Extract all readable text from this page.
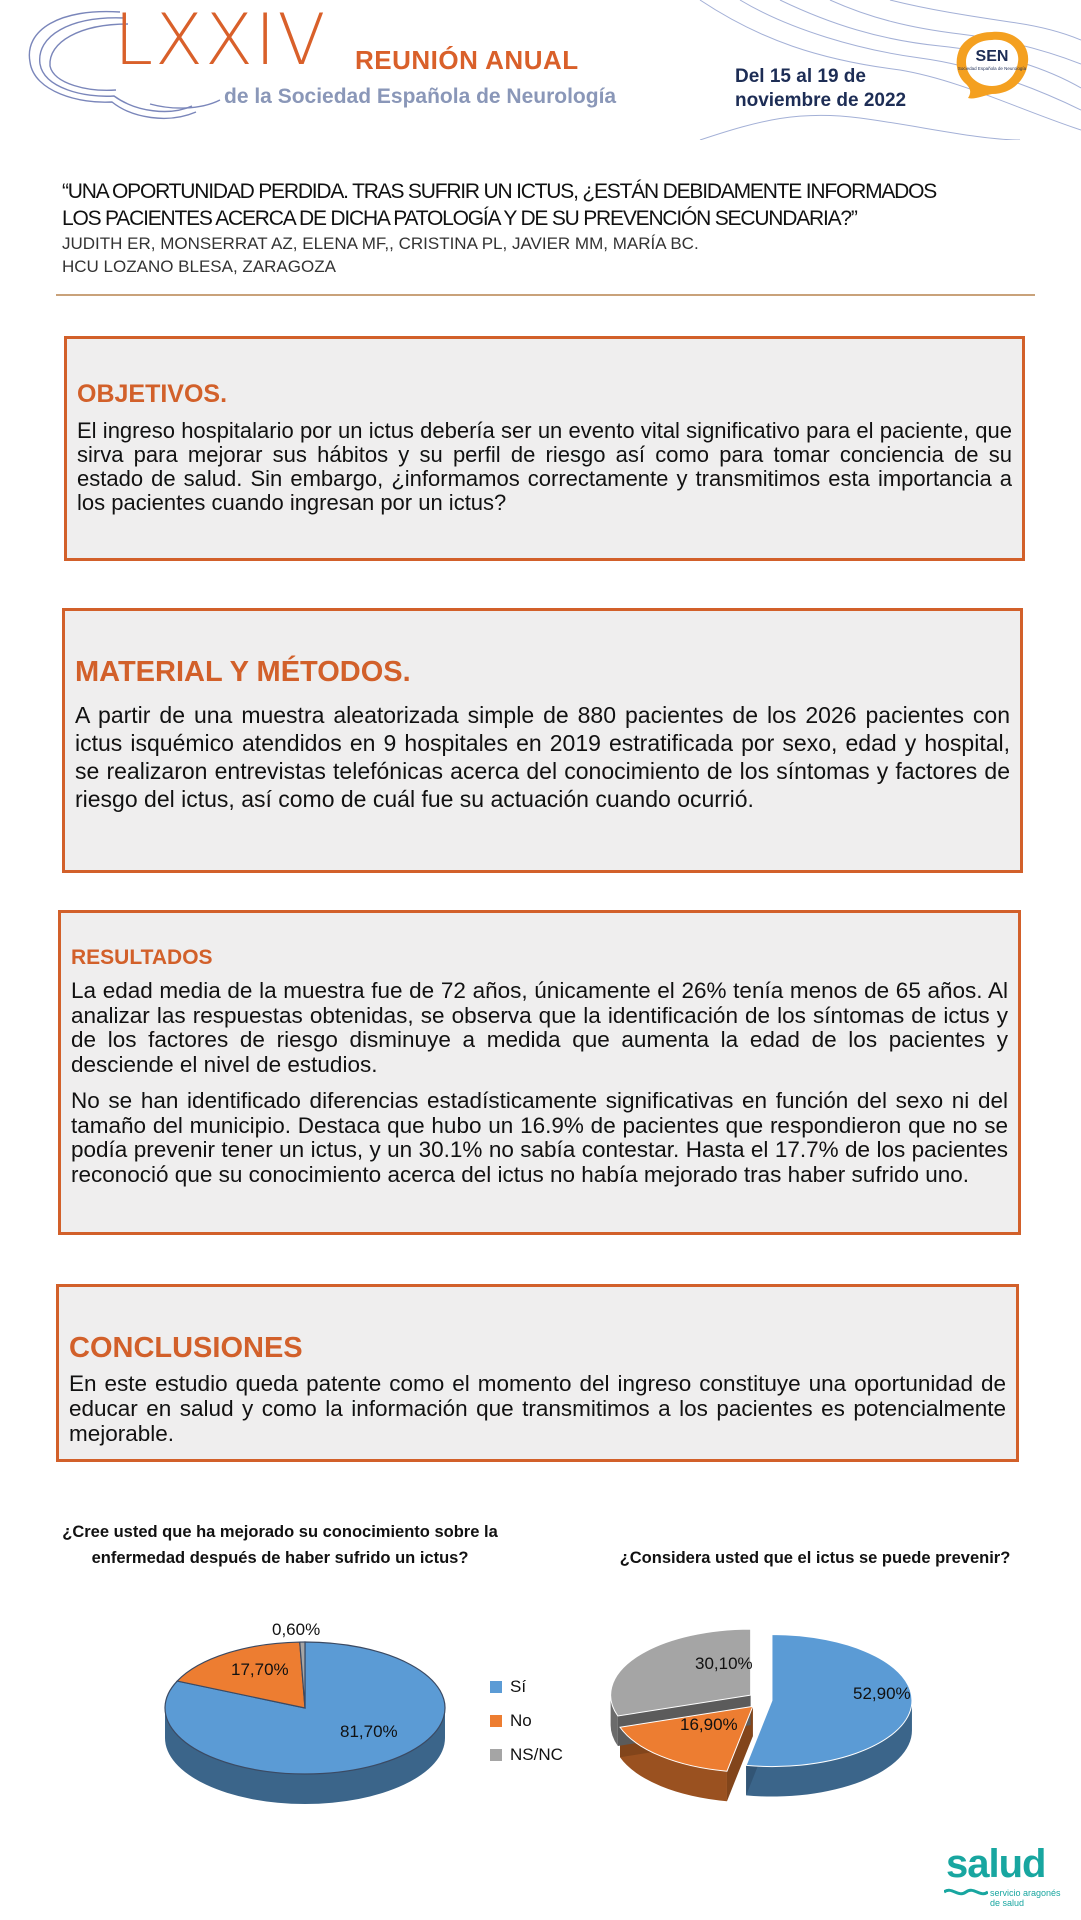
LXXIV REUNIÓN ANUAL
de la Sociedad Española de Neurología
Del 15 al 19 de
noviembre de 2022
SEN
Sociedad Española de Neurología
“UNA OPORTUNIDAD PERDIDA. TRAS SUFRIR UN ICTUS, ¿ESTÁN DEBIDAMENTE INFORMADOS
LOS PACIENTES ACERCA DE DICHA PATOLOGÍA Y DE SU PREVENCIÓN SECUNDARIA?”
JUDITH ER, MONSERRAT AZ, ELENA MF,, CRISTINA PL, JAVIER MM, MARÍA BC.
HCU LOZANO BLESA, ZARAGOZA
OBJETIVOS.

El ingreso hospitalario por un ictus debería ser un evento vital significativo para el paciente, que sirva para mejorar sus hábitos y su perfil de riesgo así como para tomar conciencia de su estado de salud. Sin embargo, ¿informamos correctamente y transmitimos esta importancia a los pacientes cuando ingresan por un ictus?

MATERIAL Y MÉTODOS.

A partir de una muestra aleatorizada simple de 880 pacientes de los 2026 pacientes con ictus isquémico atendidos en 9 hospitales en 2019 estratificada por sexo, edad y hospital, se realizaron entrevistas telefónicas acerca del conocimiento de los síntomas y factores de riesgo del ictus, así como de cuál fue su actuación cuando ocurrió.

RESULTADOS

La edad media de la muestra fue de 72 años, únicamente el 26% tenía menos de 65 años. Al analizar las respuestas obtenidas, se observa que la identificación de los síntomas de ictus y de los factores de riesgo disminuye a medida que aumenta la edad de los pacientes y desciende el nivel de estudios.

No se han identificado diferencias estadísticamente significativas en función del sexo ni del tamaño del municipio. Destaca que hubo un 16.9% de pacientes que respondieron que no se podía prevenir tener un ictus, y un 30.1% no sabía contestar. Hasta el 17.7% de los pacientes reconoció que su conocimiento acerca del ictus no había mejorado tras haber sufrido uno.

CONCLUSIONES

En este estudio queda patente como el momento del ingreso constituye una oportunidad de educar en salud y como la información que transmitimos a los pacientes es potencialmente mejorable.

¿Cree usted que ha mejorado su conocimiento sobre la enfermedad después de haber sufrido un ictus?	¿Considera usted que el ictus se puede prevenir?
Sí
No
NS/NC
81,70%
17,70%
0,60%
52,90%
16,90%
30,10%
salud
servicio aragonés
de salud
